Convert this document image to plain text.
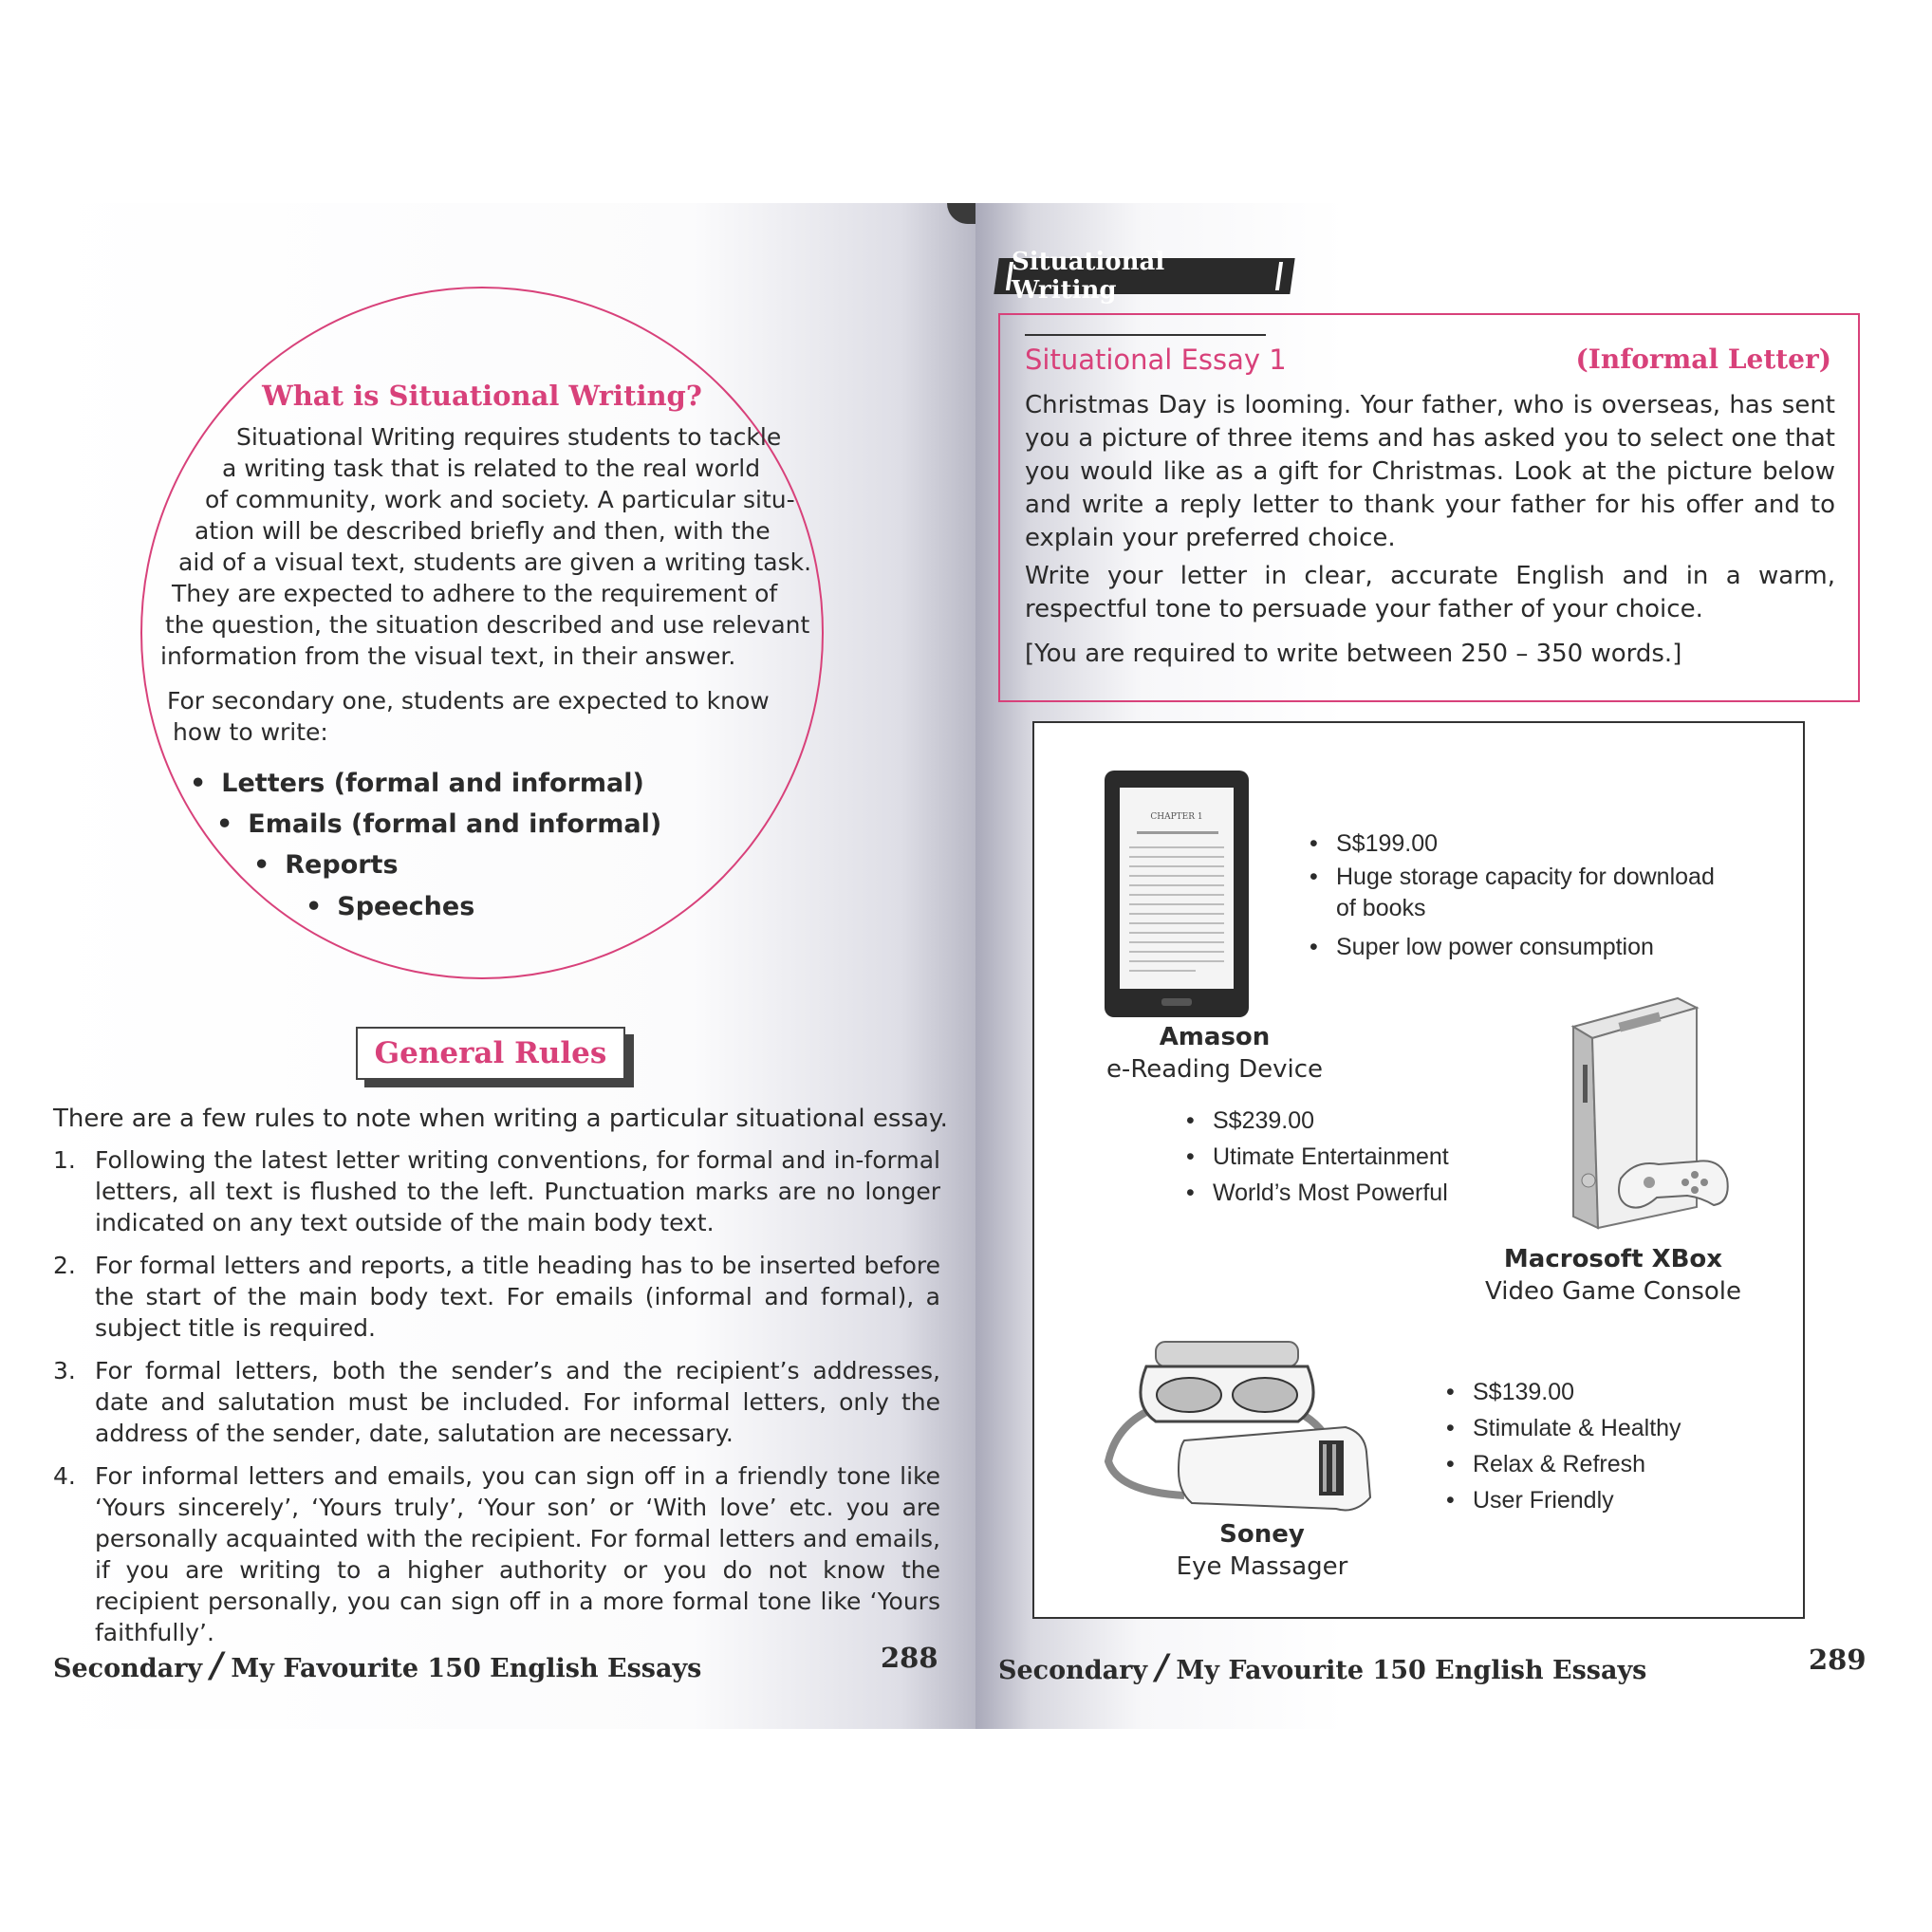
What is Situational Writing?
Situational Writing requires students to tackle
a writing task that is related to the real world
of community, work and society. A particular situ-
ation will be described briefly and then, with the
aid of a visual text, students are given a writing task.
They are expected to adhere to the requirement of
the question, the situation described and use relevant
information from the visual text, in their answer.
For secondary one, students are expected to know
how to write:
• Letters (formal and informal)
• Emails (formal and informal)
• Reports
• Speeches
General Rules
There are a few rules to note when writing a particular situational essay.
1. Following the latest letter writing conventions, for formal and in-formal letters, all text is flushed to the left. Punctuation marks are no longer indicated on any text outside of the main body text.
2. For formal letters and reports, a title heading has to be inserted before the start of the main body text. For emails (informal and formal), a subject title is required.
3. For formal letters, both the sender’s and the recipient’s addresses, date and salutation must be included. For informal letters, only the address of the sender, date, salutation are necessary.
4. For informal letters and emails, you can sign off in a friendly tone like ‘Yours sincerely’, ‘Yours truly’, ‘Your son’ or ‘With love’ etc. you are personally acquainted with the recipient. For formal letters and emails, if you are writing to a higher authority or you do not know the recipient personally, you can sign off in a more formal tone like ‘Yours faithfully’.
Secondary / My Favourite 150 English Essays	288
Situational Writing
Situational Essay 1	(Informal Letter)
Christmas Day is looming. Your father, who is overseas, has sent you a picture of three items and has asked you to select one that you would like as a gift for Christmas. Look at the picture below and write a reply letter to thank your father for his offer and to explain your preferred choice.
Write your letter in clear, accurate English and in a warm, respectful tone to persuade your father of your choice.
[You are required to write between 250 – 350 words.]
CHAPTER 1
• S$199.00
• Huge storage capacity for download of books
• Super low power consumption
Amason
e-Reading Device
• S$239.00
• Utimate Entertainment
• World’s Most Powerful
Macrosoft XBox
Video Game Console
• S$139.00
• Stimulate & Healthy
• Relax & Refresh
• User Friendly
Soney
Eye Massager
Secondary / My Favourite 150 English Essays	289
